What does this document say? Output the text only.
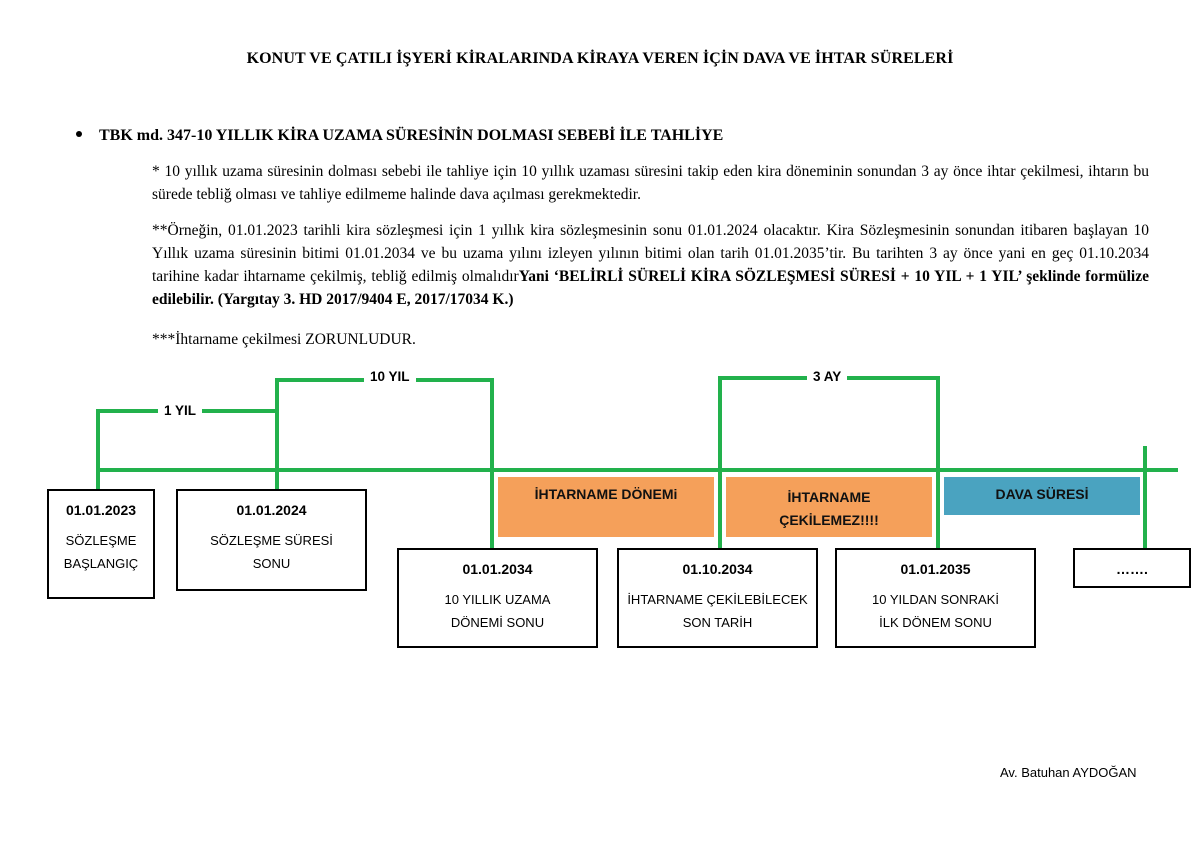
KONUT VE ÇATILI İŞYERİ KİRALARINDA KİRAYA VEREN İÇİN DAVA VE İHTAR SÜRELERİ
TBK md. 347-10 YILLIK KİRA UZAMA SÜRESİNİN DOLMASI SEBEBİ İLE TAHLİYE
* 10 yıllık uzama süresinin dolması sebebi ile tahliye için 10 yıllık uzaması süresini takip eden kira döneminin sonundan 3 ay önce ihtar çekilmesi, ihtarın bu sürede tebliğ olması ve tahliye edilmeme halinde dava açılması gerekmektedir.
**Örneğin, 01.01.2023 tarihli kira sözleşmesi için 1 yıllık kira sözleşmesinin sonu 01.01.2024 olacaktır. Kira Sözleşmesinin sonundan itibaren başlayan 10 Yıllık uzama süresinin bitimi 01.01.2034 ve bu uzama yılını izleyen yılının bitimi olan tarih 01.01.2035’tir. Bu tarihten 3 ay önce yani en geç 01.10.2034 tarihine kadar ihtarname çekilmiş, tebliğ edilmiş olmalıdırYani ‘BELİRLİ SÜRELİ KİRA SÖZLEŞMESİ SÜRESİ + 10 YIL + 1 YIL’ şeklinde formülize edilebilir. (Yargıtay 3. HD 2017/9404 E, 2017/17034 K.)
***İhtarname çekilmesi ZORUNLUDUR.
1 YIL
10 YIL	3 AY
İHTARNAME DÖNEMi	İHTARNAME ÇEKİLEMEZ!!!!
DAVA SÜRESİ
01.01.2023
SÖZLEŞME BAŞLANGIÇ
01.01.2024
SÖZLEŞME SÜRESİ SONU	01.01.2034
10 YILLIK UZAMA DÖNEMİ SONU
01.10.2034
İHTARNAME ÇEKİLEBİLECEK SON TARİH
01.01.2035
10 YILDAN SONRAKİ İLK DÖNEM SONU
…….
Av. Batuhan AYDOĞAN
